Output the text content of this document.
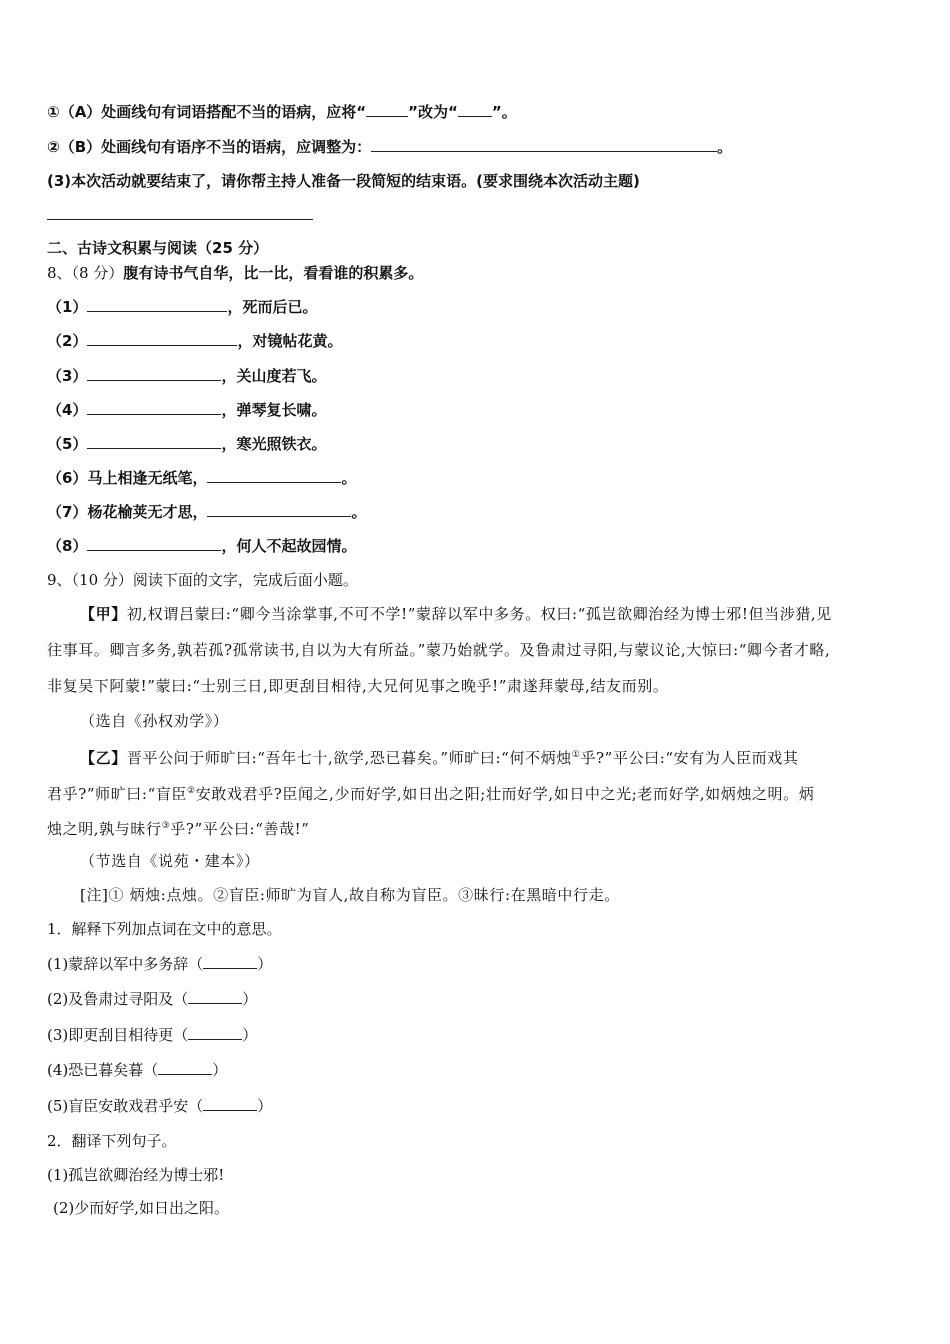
①（A）处画线句有词语搭配不当的语病，应将“	”改为“ ”。
②（B）处画线句有语序不当的语病，应调整为：	。
(3)本次活动就要结束了，请你帮主持人准备一段简短的结束语。(要求围绕本次活动主题)
二、古诗文积累与阅读（25 分）
8、（8 分）腹有诗书气自华，比一比，看看谁的积累多。
（1）	，死而后已。
（2）	，对镜帖花黄。
（3）	，关山度若飞。
（4）	，弹琴复长啸。
（5）	，寒光照铁衣。
（6）马上相逢无纸笔，	。
（7）杨花榆荚无才思，	。
（8）	，何人不起故园情。
9、（10 分）阅读下面的文字，完成后面小题。
【甲】初,权谓吕蒙曰:“卿今当涂掌事,不可不学!”蒙辞以军中多务。权曰:“孤岂欲卿治经为博士邪!但当涉猎,见
往事耳。卿言多务,孰若孤?孤常读书,自以为大有所益。”蒙乃始就学。及鲁肃过寻阳,与蒙议论,大惊曰:“卿今者才略,
非复吴下阿蒙!”蒙曰:“士别三日,即更刮目相待,大兄何见事之晚乎!”肃遂拜蒙母,结友而别。
（选自《孙权劝学》）
【乙】晋平公问于师旷曰:“吾年七十,欲学,恐已暮矣。”师旷曰:“何不炳烛①乎?”平公曰:“安有为人臣而戏其
君乎?”师旷曰:“盲臣②安敢戏君乎?臣闻之,少而好学,如日出之阳;壮而好学,如日中之光;老而好学,如炳烛之明。炳
烛之明,孰与昧行③乎?”平公曰:“善哉!”
（节选自《说苑・建本》）
[注]① 炳烛:点烛。②盲臣:师旷为盲人,故自称为盲臣。③昧行:在黑暗中行走。
1．解释下列加点词在文中的意思。
(1)蒙辞以军中多务辞（	）
(2)及鲁肃过寻阳及（	）
(3)即更刮目相待更（	）
(4)恐已暮矣暮（	）
(5)盲臣安敢戏君乎安（	）
2．翻译下列句子。
(1)孤岂欲卿治经为博士邪!
(2)少而好学,如日出之阳。
